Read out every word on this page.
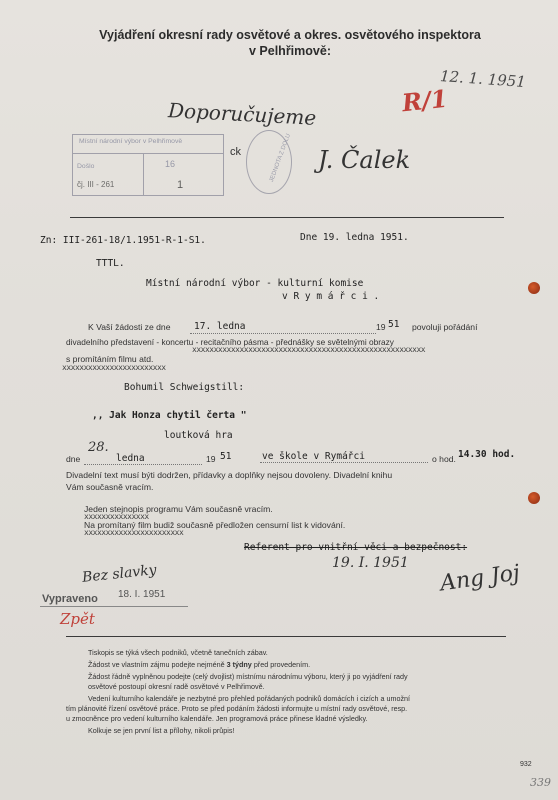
Vyjádření okresní rady osvětové a okres. osvětového inspektora
v Pelhřimově:
12. 1. 1951
R/1
Doporučujeme
J. Čalek
Místní národní výbor v Pelhřimově
Došlo
čj. III - 261
16
1
ck	JEDNOTA Z DOLU
Zn: III-261-18/1.1951-R-1-S1.	Dne 19. ledna 1951.
TTTL.
Místní národní výbor - kulturní komise
v R y m á ř c i .
K Vaší žádosti ze dne 17. ledna	19 51 povoluji pořádání
divadelního představení - koncertu - recitačního pásma - přednášky se světelnými obrazy
xxxxxxxxxxxxxxxxxxxxxxxxxxxxxxxxxxxxxxxxxxxxxxxxxxxxxx
s promítáním filmu atd.
xxxxxxxxxxxxxxxxxxxxxxxx
Bohumil Schweigstill:
,, Jak Honza chytil čerta "
loutková hra
dne
28.
ledna	19 51	ve škole v Rymářci	o hod. 14.30 hod.
Divadelní text musí býti dodržen, přídavky a doplňky nejsou dovoleny. Divadelní knihu
Vám současně vracím.
Jeden stejnopis programu Vám současně vracím.
xxxxxxxxxxxxxxx
Na promítaný film budiž současně předložen censurní list k vidování.
xxxxxxxxxxxxxxxxxxxxxxx
Referent pro vnitřní věci a bezpečnost:
19. I. 1951 Ang Joj
Bez slavky
Vypraveno 18. I. 1951
Zpět
Tiskopis se týká všech podniků, včetně tanečních zábav.
Žádost ve vlastním zájmu podejte nejméně 3 týdny před provedením.
Žádost řádně vyplněnou podejte (celý dvojlist) místnímu národnímu výboru, který ji po vyjádření rady
osvětové postoupí okresní radě osvětové v Pelhřimově.
Vedení kulturního kalendáře je nezbytné pro přehled pořádaných podniků domácích i cizích a umožní
tím plánovité řízení osvětové práce. Proto se před podáním žádosti informujte u místní rady osvětové, resp.
u zmocněnce pro vedení kulturního kalendáře. Jen programová práce přinese kladné výsledky.
Kolkuje se jen první list a přílohy, nikoli průpis!
932
339
